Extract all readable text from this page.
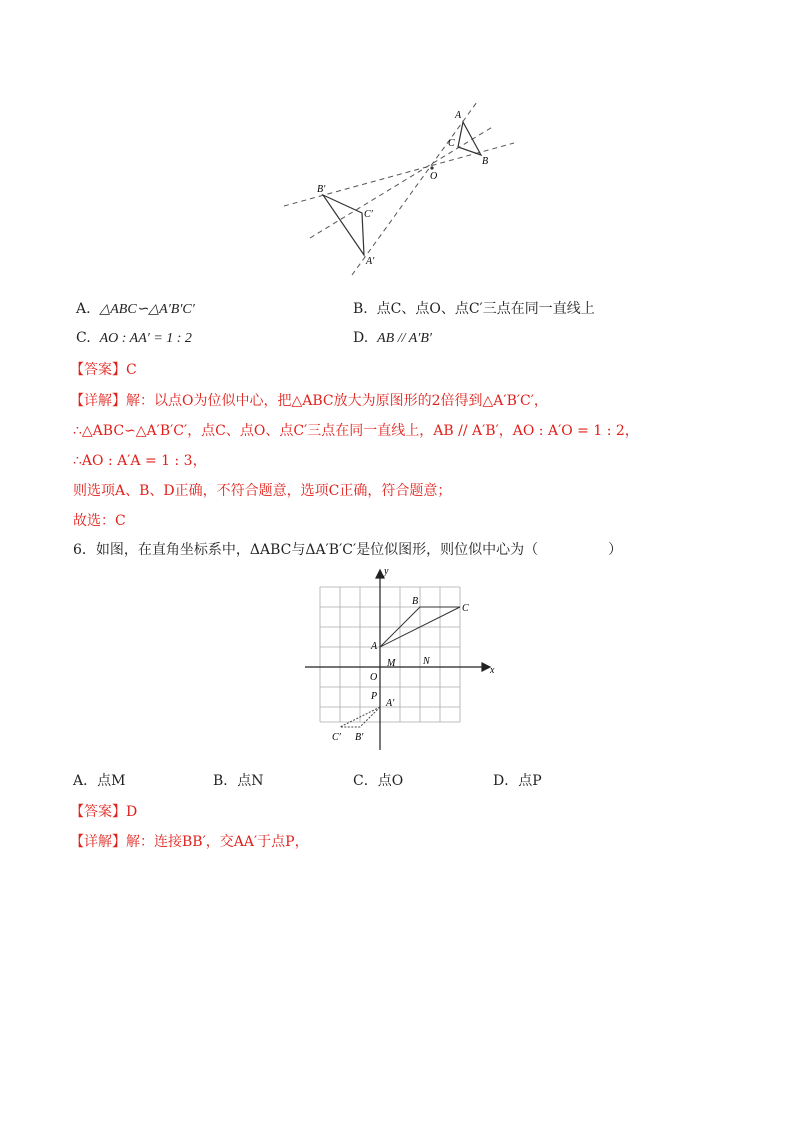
A
C
B
O
B′
C′
A′
A. △ABC∽△A′B′C′	B. 点C、点O、点C′三点在同一直线上
C. AO : AA′ = 1 : 2	D. AB // A′B′
【答案】C
【详解】解：以点O为位似中心，把△ABC放大为原图形的2倍得到△A′B′C′，
∴△ABC∽△A′B′C′，点C、点O、点C′三点在同一直线上，AB // A′B′，AO : A′O = 1 : 2，
∴AO : A′A = 1 : 3，
则选项A、B、D正确，不符合题意，选项C正确，符合题意；
故选：C
6．如图，在直角坐标系中，ΔABC与ΔA′B′C′是位似图形，则位似中心为（　　　　　）
y
x
B
C
A
M	N
O
P
A′
B′
C′
A．点M	B．点N	C．点O	D．点P
【答案】D
【详解】解：连接BB′，交AA′于点P，
